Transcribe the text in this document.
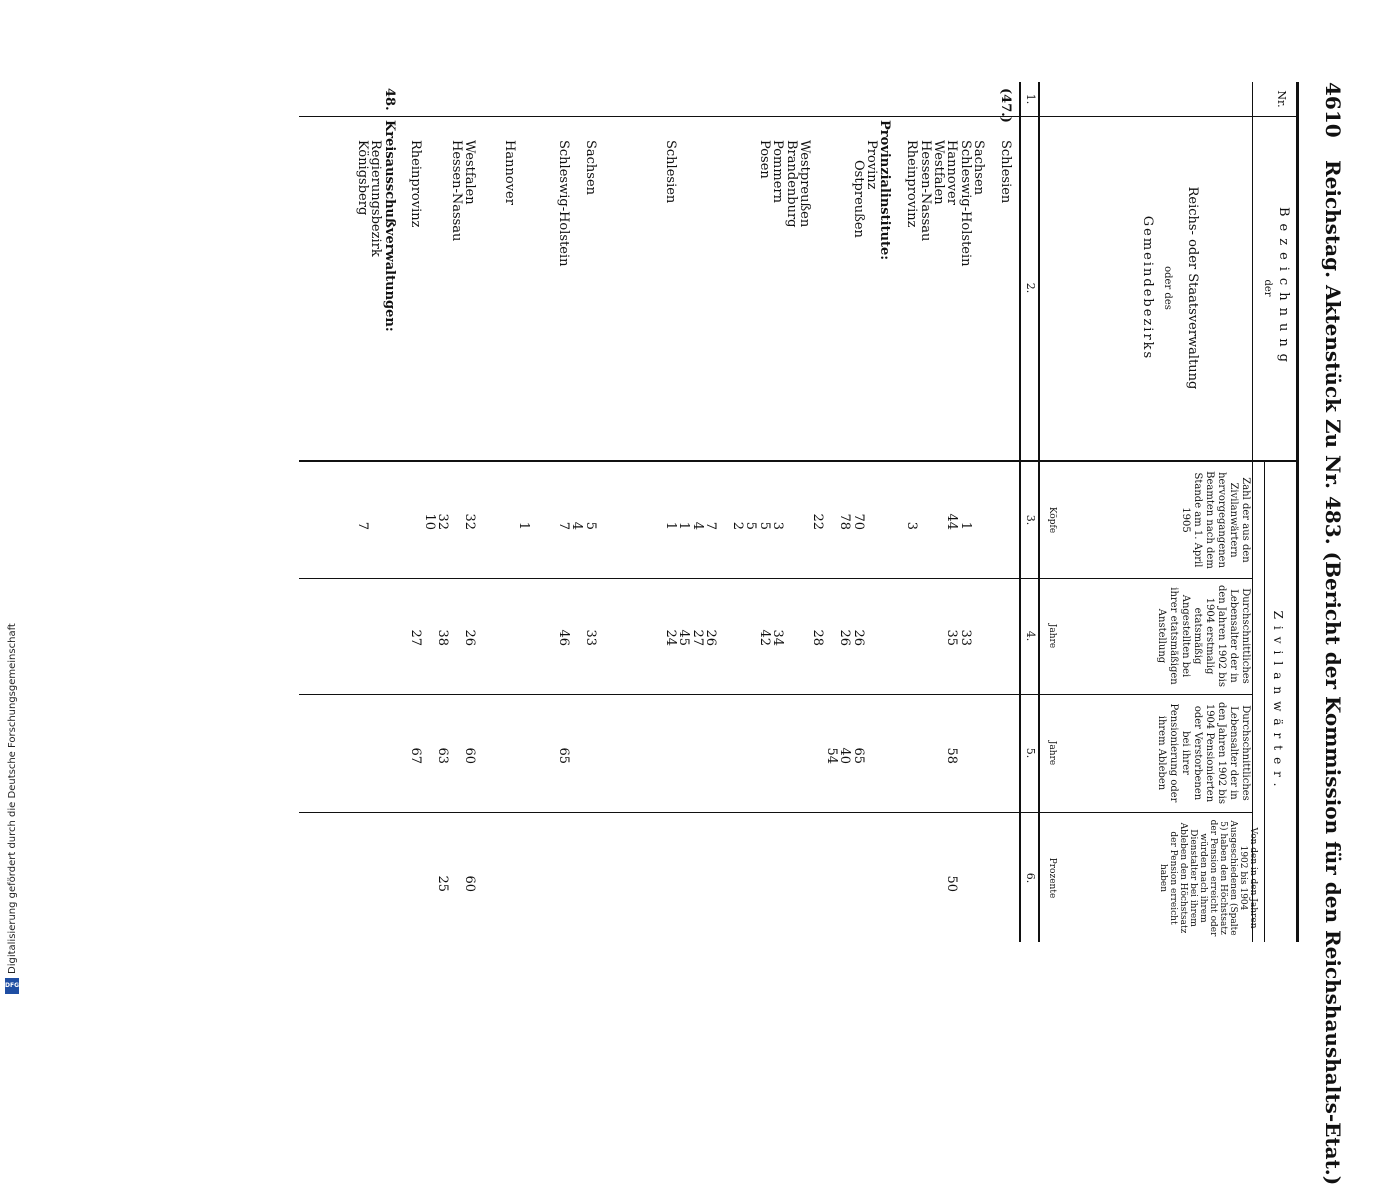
4610
Reichstag. Aktenstück Zu Nr. 483. (Bericht der Kommission für den Reichshaushalts-Etat.)
Nr.
Bezeichnung
der
Reichs- oder Staatsverwaltung
oder des
Gemeindebezirks
Zivilanwärter.
Zahl der aus den Zivilanwärtern hervorgegangenen Beamten nach dem Stande am 1. April 1905
Durchschnittliches Lebensalter der in den Jahren 1902 bis 1904 erstmalig etatsmäßig Angestellten bei ihrer etatsmäßigen Anstellung
Durchschnittliches Lebensalter der in den Jahren 1902 bis 1904 Pensionierten oder Verstorbenen bei ihrer Pensionierung oder ihrem Ableben
Von den in den Jahren 1902 bis 1904 Ausgeschiedenen (Spalte 5) haben den Höchstsatz der Pension erreicht oder würden nach ihrem Dienstalter bei ihrem Ableben den Höchstsatz der Pension erreicht haben
Köpfe
Jahre
Jahre
Prozente
1.
2.
3.
4.
5.
6.
(47.)
Schlesien
Sachsen
Schleswig-Holstein
1
33
Hannover
44
35
58
50
Westfalen
Hessen-Nassau
Rheinprovinz
3
Provinzialinstitute:
Provinz
Ostpreußen
70
26
65
78
26
40
54
22
28
Westpreußen
Brandenburg
Pommern
3
34
Posen
5
42
5
2
7
26
4
27
1
45
Schlesien
1
24
Sachsen
5
33
4
Schleswig-Holstein
7
46
65
1
Hannover
Westfalen
32
26
60
60
Hessen-Nassau
32
38
63
25
10
Rheinprovinz
27
67
48.
Kreisausschußverwaltungen:
Regierungsbezirk
Königsberg
7
Digitalisierung gefördert durch die Deutsche Forschungsgemeinschaft
DFG
